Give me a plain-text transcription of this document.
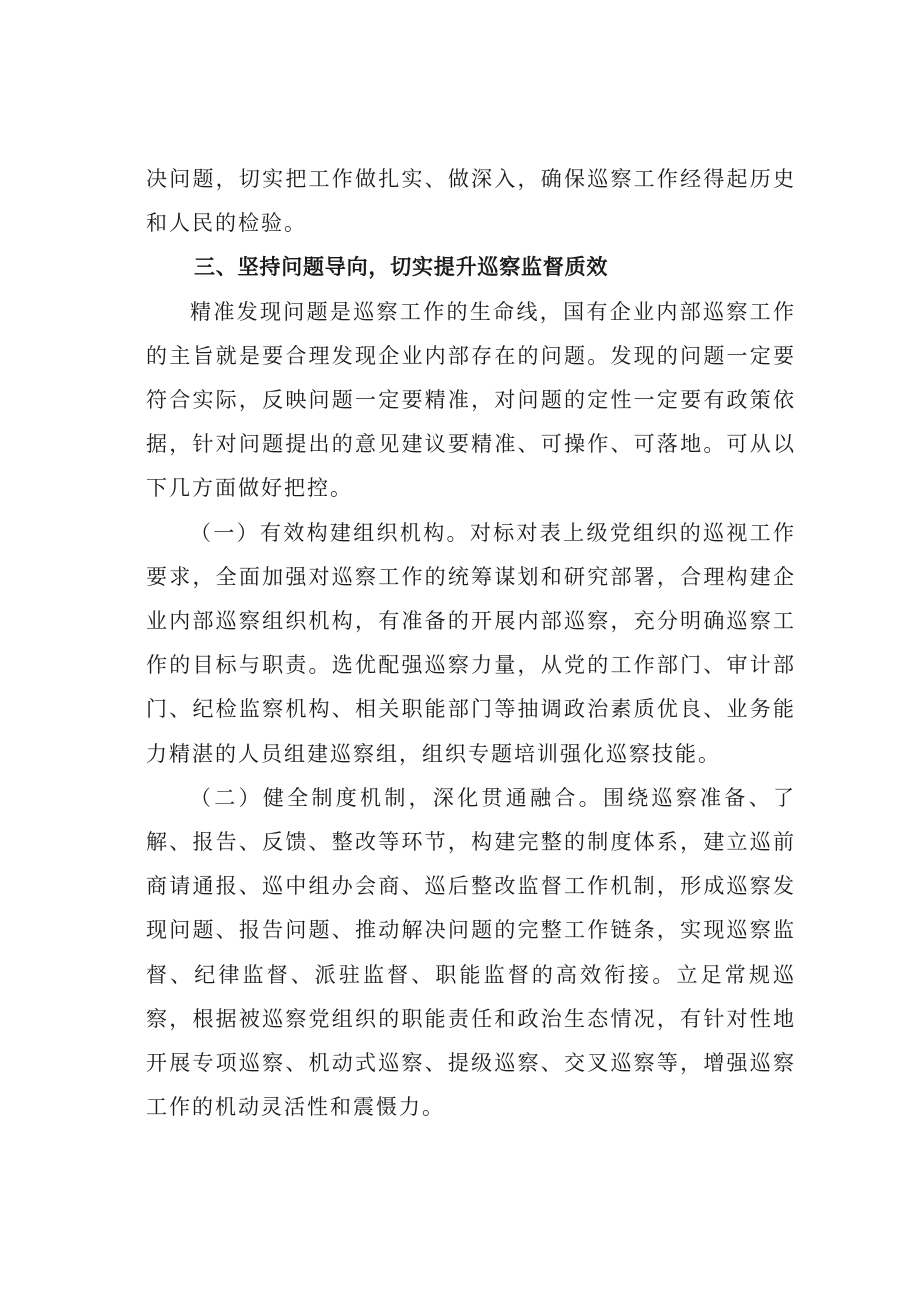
决问题，切实把工作做扎实、做深入，确保巡察工作经得起历史和人民的检验。

三、坚持问题导向，切实提升巡察监督质效

精准发现问题是巡察工作的生命线，国有企业内部巡察工作的主旨就是要合理发现企业内部存在的问题。发现的问题一定要符合实际，反映问题一定要精准，对问题的定性一定要有政策依据，针对问题提出的意见建议要精准、可操作、可落地。可从以下几方面做好把控。

（一）有效构建组织机构。对标对表上级党组织的巡视工作要求，全面加强对巡察工作的统筹谋划和研究部署，合理构建企业内部巡察组织机构，有准备的开展内部巡察，充分明确巡察工作的目标与职责。选优配强巡察力量，从党的工作部门、审计部门、纪检监察机构、相关职能部门等抽调政治素质优良、业务能力精湛的人员组建巡察组，组织专题培训强化巡察技能。

（二）健全制度机制，深化贯通融合。围绕巡察准备、了解、报告、反馈、整改等环节，构建完整的制度体系，建立巡前商请通报、巡中组办会商、巡后整改监督工作机制，形成巡察发现问题、报告问题、推动解决问题的完整工作链条，实现巡察监督、纪律监督、派驻监督、职能监督的高效衔接。立足常规巡察，根据被巡察党组织的职能责任和政治生态情况，有针对性地开展专项巡察、机动式巡察、提级巡察、交叉巡察等，增强巡察工作的机动灵活性和震慑力。
